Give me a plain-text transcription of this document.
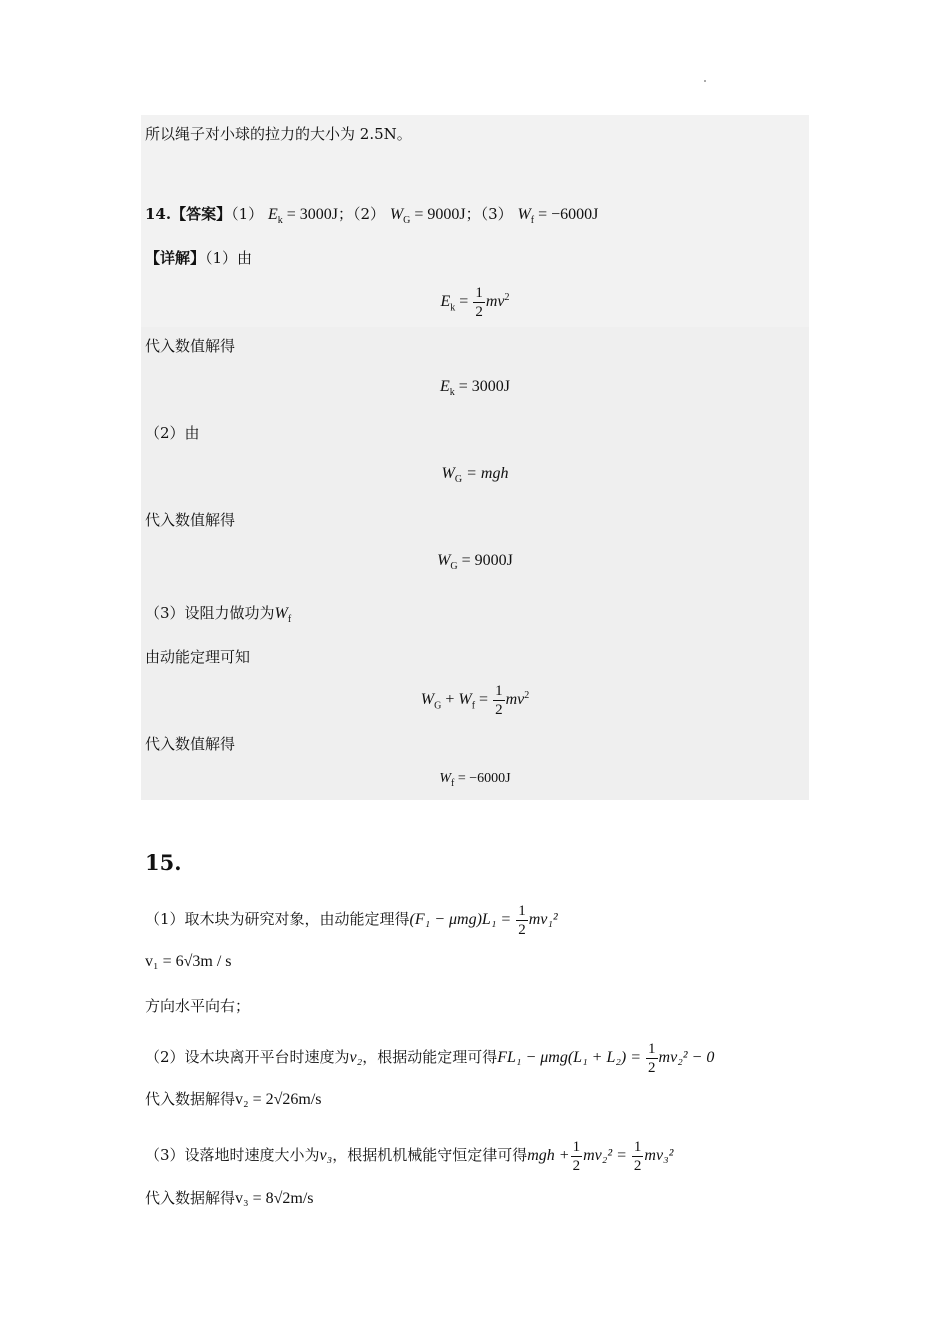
所以绳子对小球的拉力的大小为 2.5N。
14.【答案】（1） $E_k = 3000J$；（2） $W_G = 9000J$；（3） $W_f = -6000J$
【详解】（1）由
$E_k = \frac{1}{2} mv^2$
代入数值解得
$E_k = 3000J$
（2）由
$W_G$ = mgh
代入数值解得
$W_G = 9000J$
（3）设阻力做功为$W_f$
由动能定理可知
$W_G + W_f = \frac{1}{2} mv^2$
代入数值解得
$W_f = -6000J$
15.
（1）取木块为研究对象，由动能定理得$(F_1 - \mu mg)L_1 = \frac{1}{2} mv_1^2$
v₁ = 6√3m / s
方向水平向右；
（2）设木块离开平台时速度为v₂，根据动能定理可得$FL_1 - \mu mg(L_1 + L_2) = \frac{1}{2} mv_2^2 - 0$
代入数据解得v₂ = 2√26m/s
（3）设落地时速度大小为v₃，根据机机械能守恒定律可得mgh + $\frac{1}{2} mv_2^2 = \frac{1}{2} mv_3^2$
代入数据解得v₃ = 8√2m/s
